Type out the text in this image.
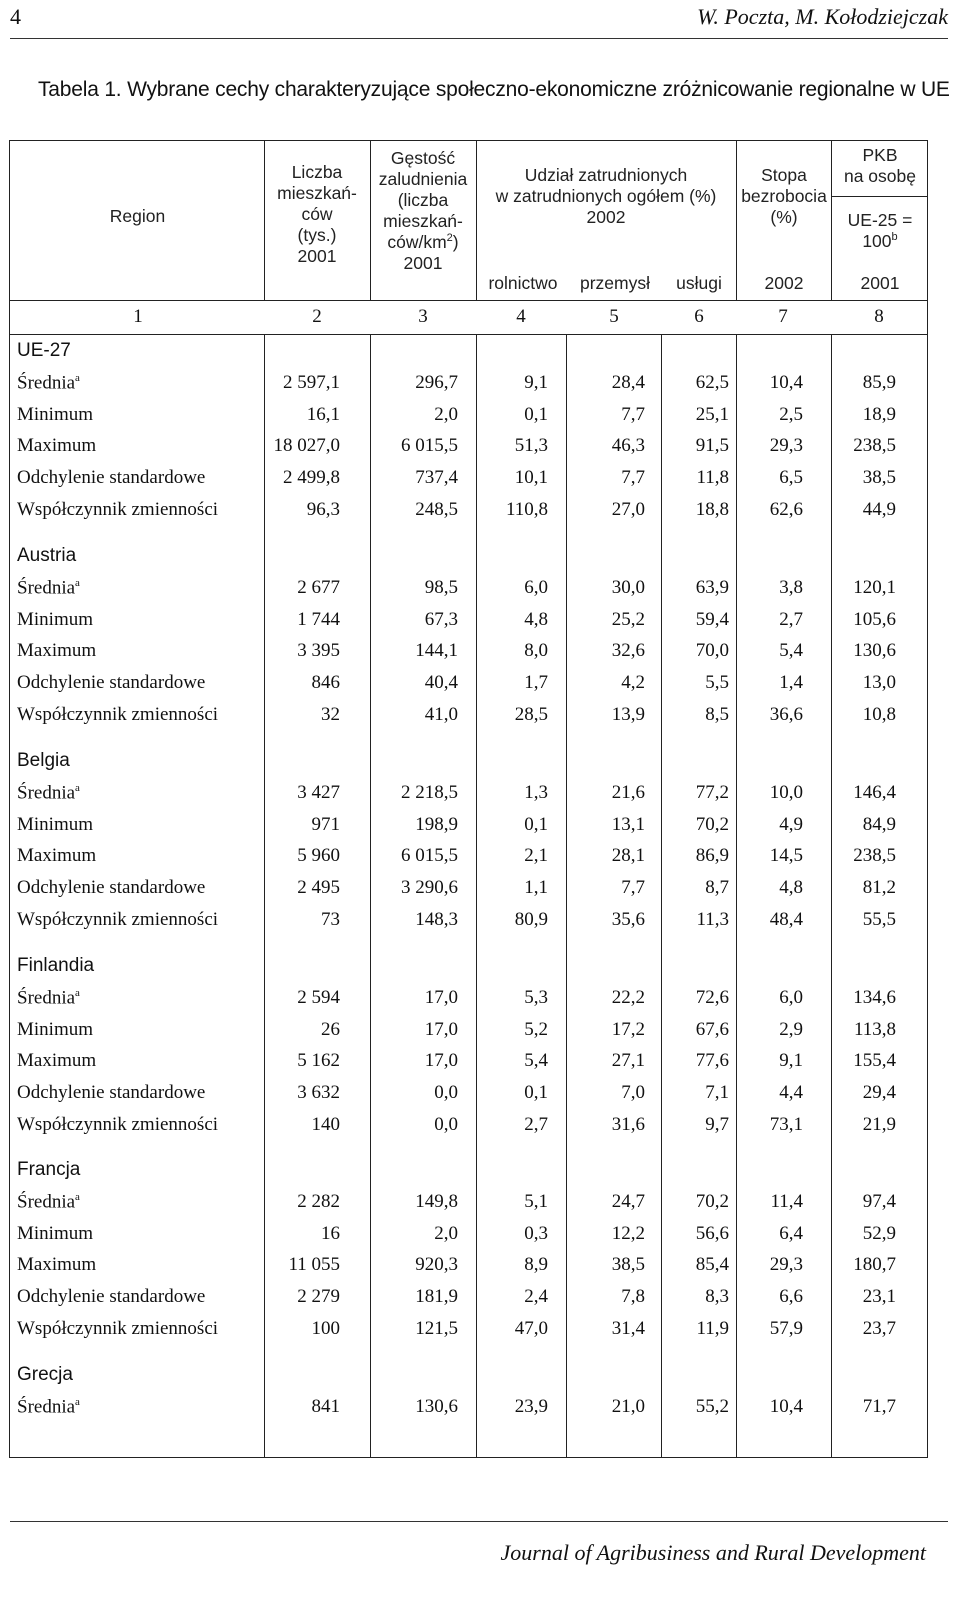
4	W. Poczta, M. Kołodziejczak
Tabela 1. Wybrane cechy charakteryzujące społeczno-ekonomiczne zróżnicowanie regionalne w UE
Region
Liczba
mieszkań-
ców
(tys.)
2001
Gęstość
zaludnienia
(liczba
mieszkań-
ców/$km^2$)
2001
Udział zatrudnionych
w zatrudnionych ogółem (%)
2002
rolnictwo	przemysł	usługi
Stopa
bezrobocia
(%)
2002
PKB
na osobę
UE-25 =
$100^b$
2001
1	2	3	4	5	6	7	8
UE-27
Średnia$^a$	2 597,1	296,7	9,1	28,4	62,5	10,4	85,9
Minimum	16,1	2,0	0,1	7,7	25,1	2,5	18,9
Maximum	18 027,0	6 015,5	51,3	46,3	91,5	29,3	238,5
Odchylenie standardowe	2 499,8	737,4	10,1	7,7	11,8	6,5	38,5
Współczynnik zmienności	96,3	248,5	110,8	27,0	18,8	62,6	44,9
Austria
Średnia$^a$	2 677	98,5	6,0	30,0	63,9	3,8	120,1
Minimum	1 744	67,3	4,8	25,2	59,4	2,7	105,6
Maximum	3 395	144,1	8,0	32,6	70,0	5,4	130,6
Odchylenie standardowe	846	40,4	1,7	4,2	5,5	1,4	13,0
Współczynnik zmienności	32	41,0	28,5	13,9	8,5	36,6	10,8
Belgia
Średnia$^a$	3 427	2 218,5	1,3	21,6	77,2	10,0	146,4
Minimum	971	198,9	0,1	13,1	70,2	4,9	84,9
Maximum	5 960	6 015,5	2,1	28,1	86,9	14,5	238,5
Odchylenie standardowe	2 495	3 290,6	1,1	7,7	8,7	4,8	81,2
Współczynnik zmienności	73	148,3	80,9	35,6	11,3	48,4	55,5
Finlandia
Średnia$^a$	2 594	17,0	5,3	22,2	72,6	6,0	134,6
Minimum	26	17,0	5,2	17,2	67,6	2,9	113,8
Maximum	5 162	17,0	5,4	27,1	77,6	9,1	155,4
Odchylenie standardowe	3 632	0,0	0,1	7,0	7,1	4,4	29,4
Współczynnik zmienności	140	0,0	2,7	31,6	9,7	73,1	21,9
Francja
Średnia$^a$	2 282	149,8	5,1	24,7	70,2	11,4	97,4
Minimum	16	2,0	0,3	12,2	56,6	6,4	52,9
Maximum	11 055	920,3	8,9	38,5	85,4	29,3	180,7
Odchylenie standardowe	2 279	181,9	2,4	7,8	8,3	6,6	23,1
Współczynnik zmienności	100	121,5	47,0	31,4	11,9	57,9	23,7
Grecja
Średnia$^a$	841	130,6	23,9	21,0	55,2	10,4	71,7
Journal of Agribusiness and Rural Development
